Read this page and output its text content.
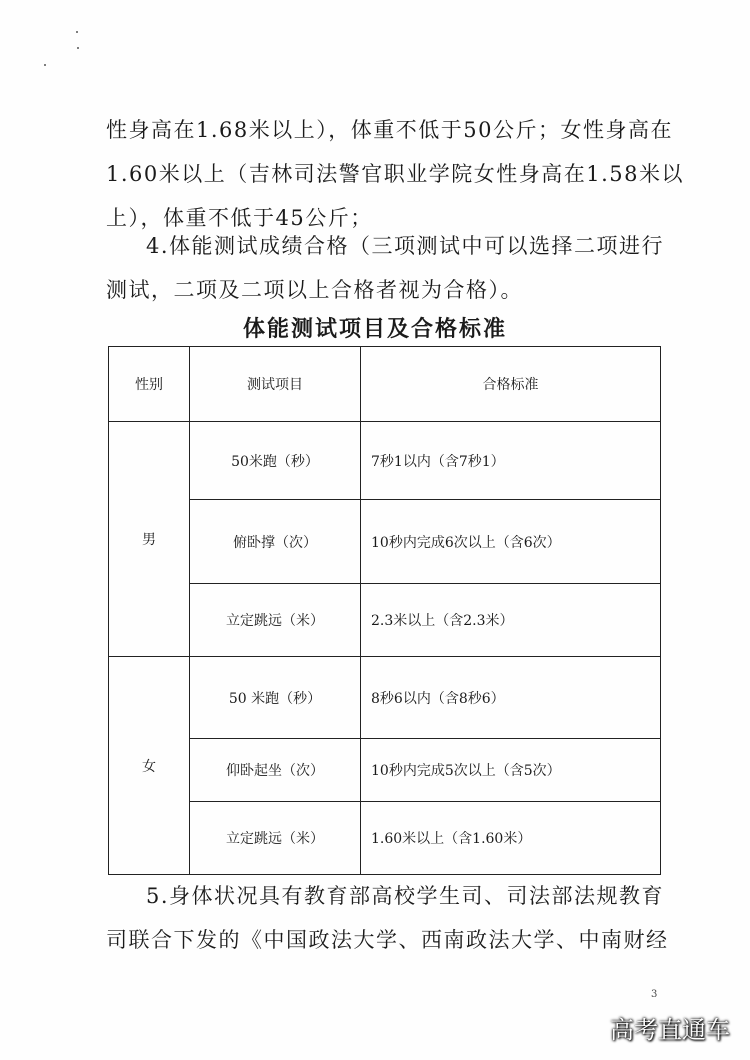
性身高在1.68米以上），体重不低于50公斤；女性身高在
1.60米以上（吉林司法警官职业学院女性身高在1.58米以
上），体重不低于45公斤；
4.体能测试成绩合格（三项测试中可以选择二项进行
测试，二项及二项以上合格者视为合格）。
体能测试项目及合格标准
性别	测试项目	合格标准
男	50米跑（秒）	7秒1以内（含7秒1）
	俯卧撑（次）	10秒内完成6次以上（含6次）
	立定跳远（米）	2.3米以上（含2.3米）
女	50 米跑（秒）	8秒6以内（含8秒6）
	仰卧起坐（次）	10秒内完成5次以上（含5次）
	立定跳远（米）	1.60米以上（含1.60米）
5.身体状况具有教育部高校学生司、司法部法规教育
司联合下发的《中国政法大学、西南政法大学、中南财经
3
高考直通车
